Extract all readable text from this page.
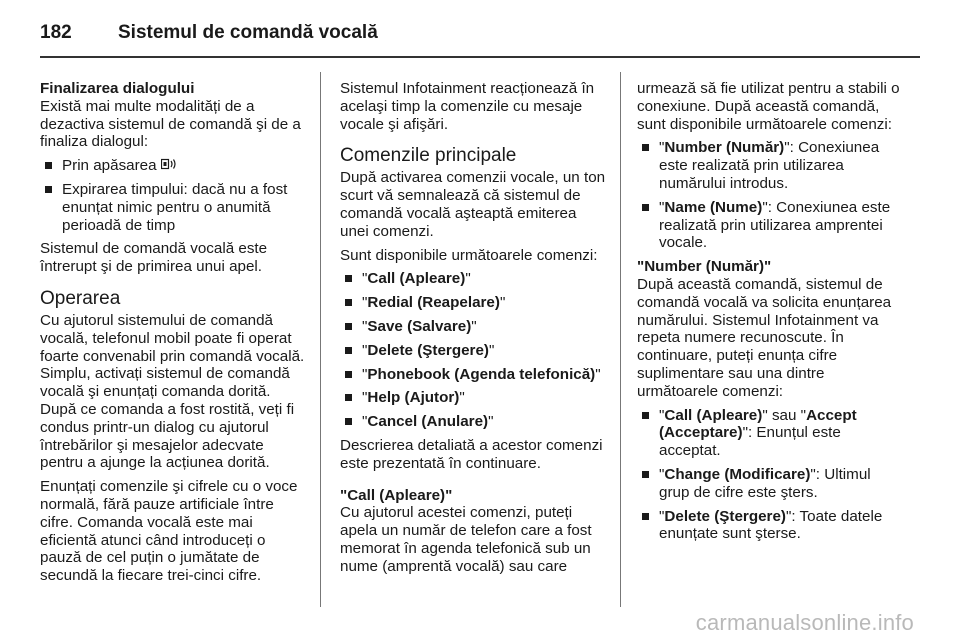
182 Sistemul de comandă vocală
Finalizarea dialogului

Există mai multe modalități de a dezactiva sistemul de comandă şi de a finaliza dialogul:

Prin apăsarea
Expirarea timpului: dacă nu a fost enunțat nimic pentru o anumită perioadă de timp

Sistemul de comandă vocală este întrerupt şi de primirea unui apel.

Operarea

Cu ajutorul sistemului de comandă vocală, telefonul mobil poate fi operat foarte convenabil prin comandă vocală. Simplu, activați sistemul de comandă vocală şi enunțați comanda dorită. După ce comanda a fost rostită, veți fi condus printr-un dialog cu ajutorul întrebărilor şi mesajelor adecvate pentru a ajunge la acțiunea dorită.

Enunțați comenzile şi cifrele cu o voce normală, fără pauze artificiale între cifre. Comanda vocală este mai eficientă atunci când introduceți o pauză de cel puțin o jumătate de secundă la fiecare trei-cinci cifre.

Sistemul Infotainment reacționează în acelaşi timp la comenzile cu mesaje vocale şi afişări.

Comenzile principale

După activarea comenzii vocale, un ton scurt vă semnalează că sistemul de comandă vocală aşteaptă emiterea unei comenzi.

Sunt disponibile următoarele comenzi:

"Call (Apleare)"
"Redial (Reapelare)"
"Save (Salvare)"
"Delete (Ştergere)"
"Phonebook (Agenda telefonică)"
"Help (Ajutor)"
"Cancel (Anulare)"

Descrierea detaliată a acestor comenzi este prezentată în continuare.

"Call (Apleare)"

Cu ajutorul acestei comenzi, puteți apela un număr de telefon care a fost memorat în agenda telefonică sub un nume (amprentă vocală) sau care

urmează să fie utilizat pentru a stabili o conexiune. După această comandă, sunt disponibile următoarele comenzi:

"Number (Număr)": Conexiunea este realizată prin utilizarea numărului introdus.
"Name (Nume)": Conexiunea este realizată prin utilizarea amprentei vocale.
"Number (Număr)"

După această comandă, sistemul de comandă vocală va solicita enunțarea numărului. Sistemul Infotainment va repeta numere recunoscute. În continuare, puteți enunța cifre suplimentare sau una dintre următoarele comenzi:

"Call (Apleare)" sau "Accept (Acceptare)": Enunțul este acceptat.
"Change (Modificare)": Ultimul grup de cifre este şters.
"Delete (Ştergere)": Toate datele enunțate sunt şterse.
carmanualsonline.info
